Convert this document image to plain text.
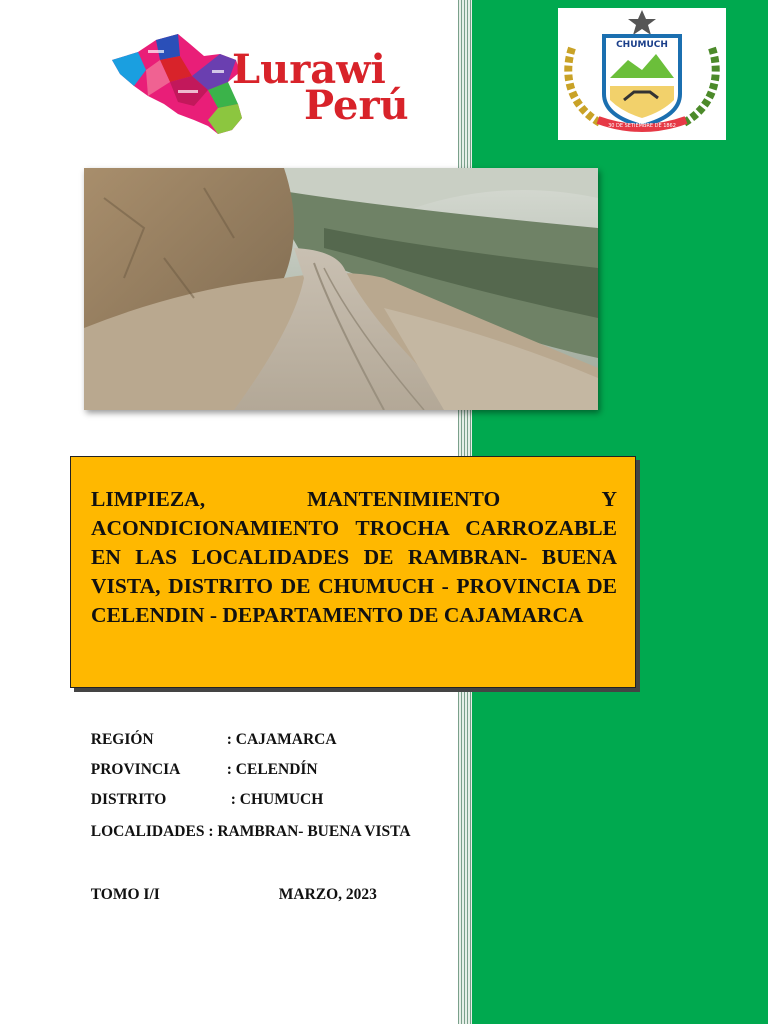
Lurawi
Perú
CHUMUCH
30 DE SETIEMBRE DE 1862
LIMPIEZA, MANTENIMIENTO Y ACONDICIONAMIENTO TROCHA CARROZABLE EN LAS LOCALIDADES DE RAMBRAN- BUENA VISTA, DISTRITO DE CHUMUCH - PROVINCIA DE CELENDIN - DEPARTAMENTO DE CAJAMARCA

REGIÓN	: CAJAMARCA

PROVINCIA	: CELENDÍN

DISTRITO	: CHUMUCH

LOCALIDADES : RAMBRAN- BUENA VISTA

TOMO I/I	MARZO, 2023
